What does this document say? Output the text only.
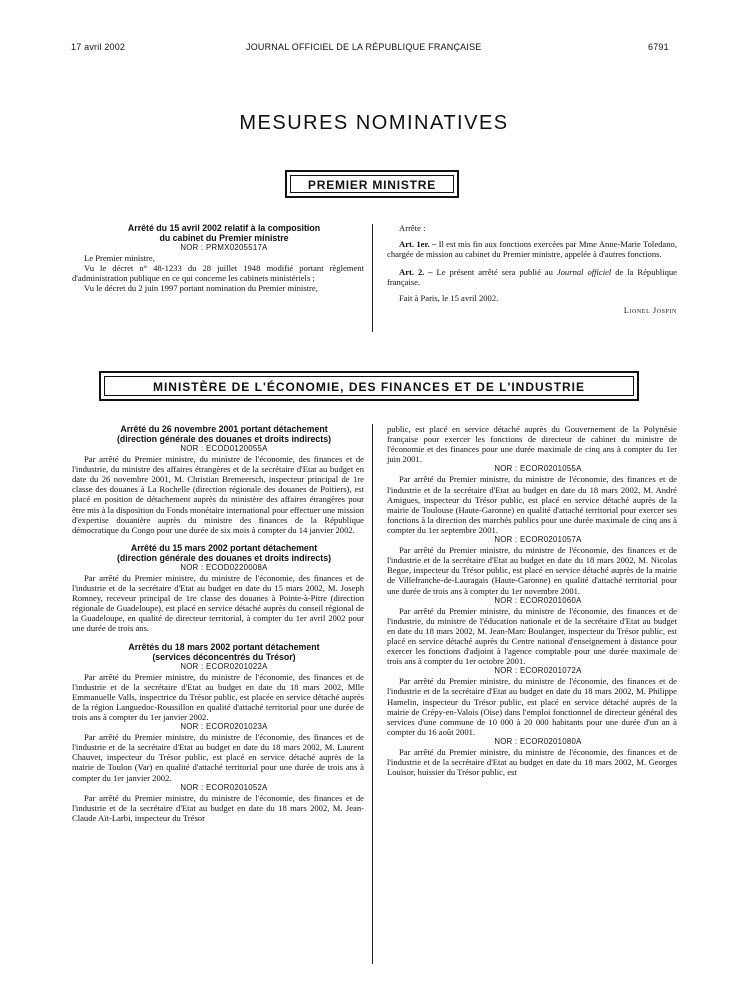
17 avril 2002	JOURNAL OFFICIEL DE LA RÉPUBLIQUE FRANÇAISE	6791
MESURES NOMINATIVES
PREMIER MINISTRE

Arrêté du 15 avril 2002 relatif à la composition

du cabinet du Premier ministre

NOR : PRMX0205517A

Le Premier ministre,

Vu le décret n° 48-1233 du 28 juillet 1948 modifié portant règlement d'administration publique en ce qui concerne les cabinets ministériels ;

Vu le décret du 2 juin 1997 portant nomination du Premier ministre,

Arrête :

Art. 1er. – Il est mis fin aux fonctions exercées par Mme Anne-Marie Toledano, chargée de mission au cabinet du Premier ministre, appelée à d'autres fonctions.

Art. 2. – Le présent arrêté sera publié au Journal officiel de la République française.

Fait à Paris, le 15 avril 2002.

Lionel Jospin
MINISTÈRE DE L'ÉCONOMIE, DES FINANCES ET DE L'INDUSTRIE

Arrêté du 26 novembre 2001 portant détachement

(direction générale des douanes et droits indirects)

NOR : ECOD0120055A

Par arrêté du Premier ministre, du ministre de l'économie, des finances et de l'industrie, du ministre des affaires étrangères et de la secrétaire d'Etat au budget en date du 26 novembre 2001, M. Christian Bremeersch, inspecteur principal de 1re classe des douanes à La Rochelle (direction régionale des douanes de Poitiers), est placé en position de détachement auprès du ministère des affaires étrangères pour être mis à la disposition du Fonds monétaire international pour effectuer une mission d'expertise douanière auprès du ministre des finances de la République démocratique du Congo pour une durée de six mois à compter du 14 janvier 2002.

Arrêté du 15 mars 2002 portant détachement

(direction générale des douanes et droits indirects)

NOR : ECOD0220008A

Par arrêté du Premier ministre, du ministre de l'économie, des finances et de l'industrie et de la secrétaire d'Etat au budget en date du 15 mars 2002, M. Joseph Romney, receveur principal de 1re classe des douanes à Pointe-à-Pitre (direction régionale de Guadeloupe), est placé en service détaché auprès du conseil régional de la Guadeloupe, en qualité de directeur territorial, à compter du 1er avril 2002 pour une durée de trois ans.

Arrêtés du 18 mars 2002 portant détachement

(services déconcentrés du Trésor)

NOR : ECOR0201022A

Par arrêté du Premier ministre, du ministre de l'économie, des finances et de l'industrie et de la secrétaire d'Etat au budget en date du 18 mars 2002, Mlle Emmanuelle Valls, inspectrice du Trésor public, est placée en service détaché auprès de la région Languedoc-Roussillon en qualité d'attaché territorial pour une durée de trois ans à compter du 1er janvier 2002.

NOR : ECOR0201023A

Par arrêté du Premier ministre, du ministre de l'économie, des finances et de l'industrie et de la secrétaire d'Etat au budget en date du 18 mars 2002, M. Laurent Chauvet, inspecteur du Trésor public, est placé en service détaché auprès de la mairie de Toulon (Var) en qualité d'attaché territorial pour une durée de trois ans à compter du 1er janvier 2002.

NOR : ECOR0201052A

Par arrêté du Premier ministre, du ministre de l'économie, des finances et de l'industrie et de la secrétaire d'Etat au budget en date du 18 mars 2002, M. Jean-Claude Aït-Larbi, inspecteur du Trésor

public, est placé en service détaché auprès du Gouvernement de la Polynésie française pour exercer les fonctions de directeur de cabinet du ministre de l'économie et des finances pour une durée maximale de cinq ans à compter du 1er juin 2001.

NOR : ECOR0201055A

Par arrêté du Premier ministre, du ministre de l'économie, des finances et de l'industrie et de la secrétaire d'Etat au budget en date du 18 mars 2002, M. André Amigues, inspecteur du Trésor public, est placé en service détaché auprès de la mairie de Toulouse (Haute-Garonne) en qualité d'attaché territorial pour exercer ses fonctions à la direction des marchés publics pour une durée maximale de cinq ans à compter du 1er septembre 2001.

NOR : ECOR0201057A

Par arrêté du Premier ministre, du ministre de l'économie, des finances et de l'industrie et de la secrétaire d'Etat au budget en date du 18 mars 2002, M. Nicolas Begue, inspecteur du Trésor public, est placé en service détaché auprès de la mairie de Villefranche-de-Lauragais (Haute-Garonne) en qualité d'attaché territorial pour une durée de trois ans à compter du 1er novembre 2001.

NOR : ECOR0201060A

Par arrêté du Premier ministre, du ministre de l'économie, des finances et de l'industrie, du ministre de l'éducation nationale et de la secrétaire d'Etat au budget en date du 18 mars 2002, M. Jean-Marc Boulanger, inspecteur du Trésor public, est placé en service détaché auprès du Centre national d'enseignement à distance pour exercer les fonctions d'adjoint à l'agence comptable pour une durée maximale de trois ans à compter du 1er octobre 2001.

NOR : ECOR0201072A

Par arrêté du Premier ministre, du ministre de l'économie, des finances et de l'industrie et de la secrétaire d'Etat au budget en date du 18 mars 2002, M. Philippe Hamelin, inspecteur du Trésor public, est placé en service détaché auprès de la mairie de Crépy-en-Valois (Oise) dans l'emploi fonctionnel de directeur général des services d'une commune de 10 000 à 20 000 habitants pour une durée d'un an à compter du 16 août 2001.

NOR : ECOR0201080A

Par arrêté du Premier ministre, du ministre de l'économie, des finances et de l'industrie et de la secrétaire d'Etat au budget en date du 18 mars 2002, M. Georges Louisor, huissier du Trésor public, est
